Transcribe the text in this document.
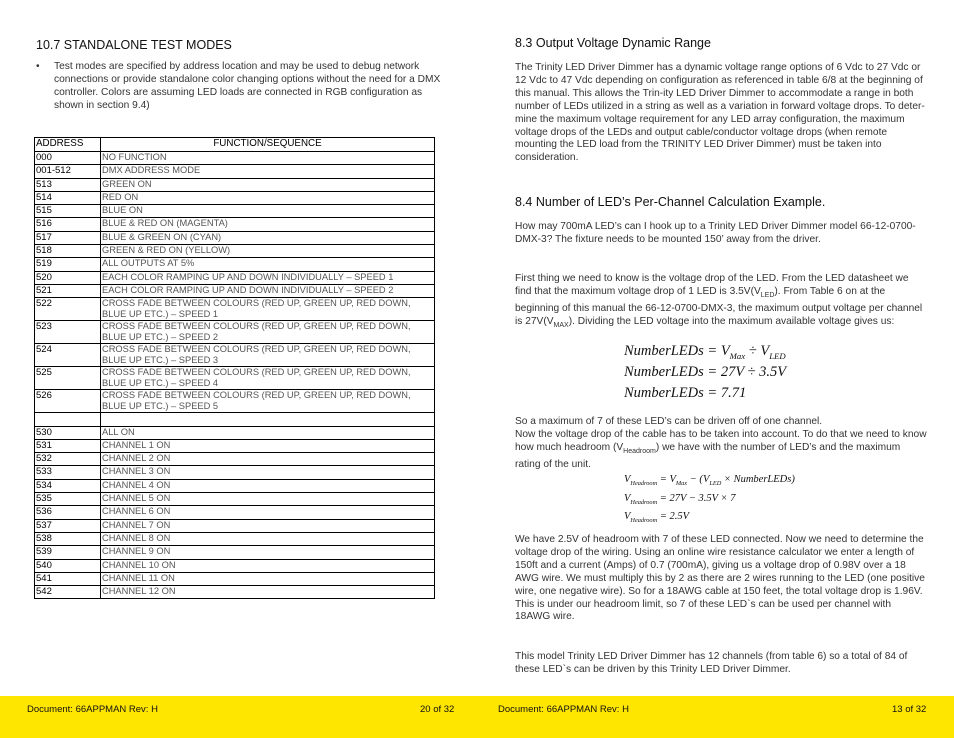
10.7 STANDALONE TEST MODES
• Test modes are specified by address location and may be used to debug network connections or provide standalone color changing options without the need for a DMX controller. Colors are assuming LED loads are connected in RGB configuration as shown in section 9.4)
ADDRESS	FUNCTION/SEQUENCE
000	NO FUNCTION
001-512	DMX ADDRESS MODE
513	GREEN ON
514	RED ON
515	BLUE ON
516	BLUE & RED ON (MAGENTA)
517	BLUE & GREEN ON (CYAN)
518	GREEN & RED ON (YELLOW)
519	ALL OUTPUTS AT 5%
520	EACH COLOR RAMPING UP AND DOWN INDIVIDUALLY – SPEED 1
521	EACH COLOR RAMPING UP AND DOWN INDIVIDUALLY – SPEED 2
522	CROSS FADE BETWEEN COLOURS (RED UP, GREEN UP, RED DOWN, BLUE UP ETC.) – SPEED 1
523	CROSS FADE BETWEEN COLOURS (RED UP, GREEN UP, RED DOWN, BLUE UP ETC.) – SPEED 2
524	CROSS FADE BETWEEN COLOURS (RED UP, GREEN UP, RED DOWN, BLUE UP ETC.) – SPEED 3
525	CROSS FADE BETWEEN COLOURS (RED UP, GREEN UP, RED DOWN, BLUE UP ETC.) – SPEED 4
526	CROSS FADE BETWEEN COLOURS (RED UP, GREEN UP, RED DOWN, BLUE UP ETC.) – SPEED 5

530	ALL ON
531	CHANNEL 1 ON
532	CHANNEL 2 ON
533	CHANNEL 3 ON
534	CHANNEL 4 ON
535	CHANNEL 5 ON
536	CHANNEL 6 ON
537	CHANNEL 7 ON
538	CHANNEL 8 ON
539	CHANNEL 9 ON
540	CHANNEL 10 ON
541	CHANNEL 11 ON
542	CHANNEL 12 ON
8.3 Output Voltage Dynamic Range

The Trinity LED Driver Dimmer has a dynamic voltage range options of 6 Vdc to 27 Vdc or 12 Vdc to 47 Vdc depending on configuration as referenced in table 6/8 at the beginning of this manual. This allows the Trin-ity LED Driver Dimmer to accommodate a range in both number of LEDs utilized in a string as well as a variation in forward voltage drops. To deter-mine the maximum voltage requirement for any LED array configuration, the maximum voltage drops of the LEDs and output cable/conductor voltage drops (when remote mounting the LED load from the TRINITY LED Driver Dimmer) must be taken into consideration.

8.4 Number of LED’s Per-Channel Calculation Example.

How may 700mA LED’s can I hook up to a Trinity LED Driver Dimmer model 66-12-0700-DMX-3? The fixture needs to be mounted 150’ away from the driver.

First thing we need to know is the voltage drop of the LED. From the LED datasheet we find that the maximum voltage drop of 1 LED is $3.5V(V_{LED})$. From Table 6 on at the beginning of this manual the 66-12-0700-DMX-3, the maximum output voltage per channel is $27V(V_{MAX})$. Dividing the LED voltage into the maximum available voltage gives us:

NumberLEDs = $V_{Max} \div V_{LED}$
NumberLEDs = 27V ÷ 3.5V
NumberLEDs = 7.71

So a maximum of 7 of these LED’s can be driven off of one channel.

Now the voltage drop of the cable has to be taken into account. To do that we need to know how much headroom $(V_{Headroom})$ we have with the number of LED’s and the maximum rating of the unit.

$V_{Headroom} = V_{Max} - (V_{LED}$ × NumberLEDs)
$V_{Headroom} = 27V - 3.5V \times 7$
$V_{Headroom} = 2.5V$

We have 2.5V of headroom with 7 of these LED connected. Now we need to determine the voltage drop of the wiring. Using an online wire resistance calculator we enter a length of 150ft and a current (Amps) of 0.7 (700mA), giving us a voltage drop of 0.98V over a 18 AWG wire. We must multiply this by 2 as there are 2 wires running to the LED (one positive wire, one negative wire). So for a 18AWG cable at 150 feet, the total voltage drop is 1.96V. This is under our headroom limit, so 7 of these LED`s can be used per channel with 18AWG wire.

This model Trinity LED Driver Dimmer has 12 channels (from table 6) so a total of 84 of these LED`s can be driven by this Trinity LED Driver Dimmer.

Document: 66APPMAN Rev: H	20 of 32	Document: 66APPMAN Rev: H	13 of 32
